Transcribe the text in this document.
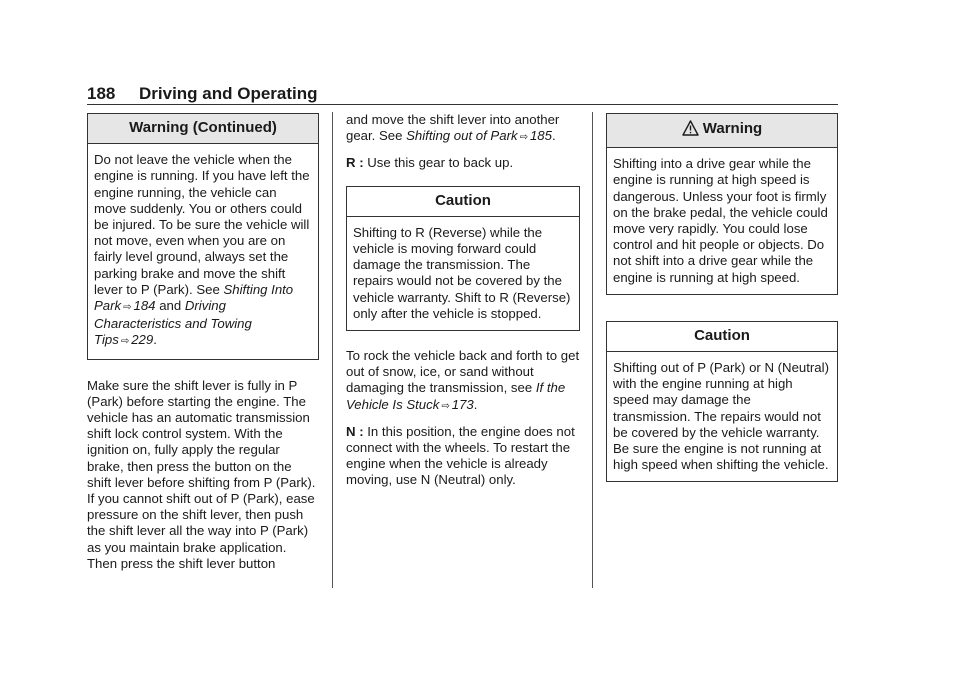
188 Driving and Operating
Warning (Continued)
Do not leave the vehicle when the engine is running. If you have left the engine running, the vehicle can move suddenly. You or others could be injured. To be sure the vehicle will not move, even when you are on fairly level ground, always set the parking brake and move the shift lever to P (Park). See Shifting Into Park ⇨ 184 and Driving Characteristics and Towing Tips ⇨ 229.

Make sure the shift lever is fully in P (Park) before starting the engine. The vehicle has an automatic transmission shift lock control system. With the ignition on, fully apply the regular brake, then press the button on the shift lever before shifting from P (Park). If you cannot shift out of P (Park), ease pressure on the shift lever, then push the shift lever all the way into P (Park) as you maintain brake application. Then press the shift lever button

and move the shift lever into another gear. See Shifting out of Park ⇨ 185.

R : Use this gear to back up.

Caution
Shifting to R (Reverse) while the vehicle is moving forward could damage the transmission. The repairs would not be covered by the vehicle warranty. Shift to R (Reverse) only after the vehicle is stopped.

To rock the vehicle back and forth to get out of snow, ice, or sand without damaging the transmission, see If the Vehicle Is Stuck ⇨ 173.

N : In this position, the engine does not connect with the wheels. To restart the engine when the vehicle is already moving, use N (Neutral) only.

Warning
Shifting into a drive gear while the engine is running at high speed is dangerous. Unless your foot is firmly on the brake pedal, the vehicle could move very rapidly. You could lose control and hit people or objects. Do not shift into a drive gear while the engine is running at high speed.
Caution
Shifting out of P (Park) or N (Neutral) with the engine running at high speed may damage the transmission. The repairs would not be covered by the vehicle warranty. Be sure the engine is not running at high speed when shifting the vehicle.
